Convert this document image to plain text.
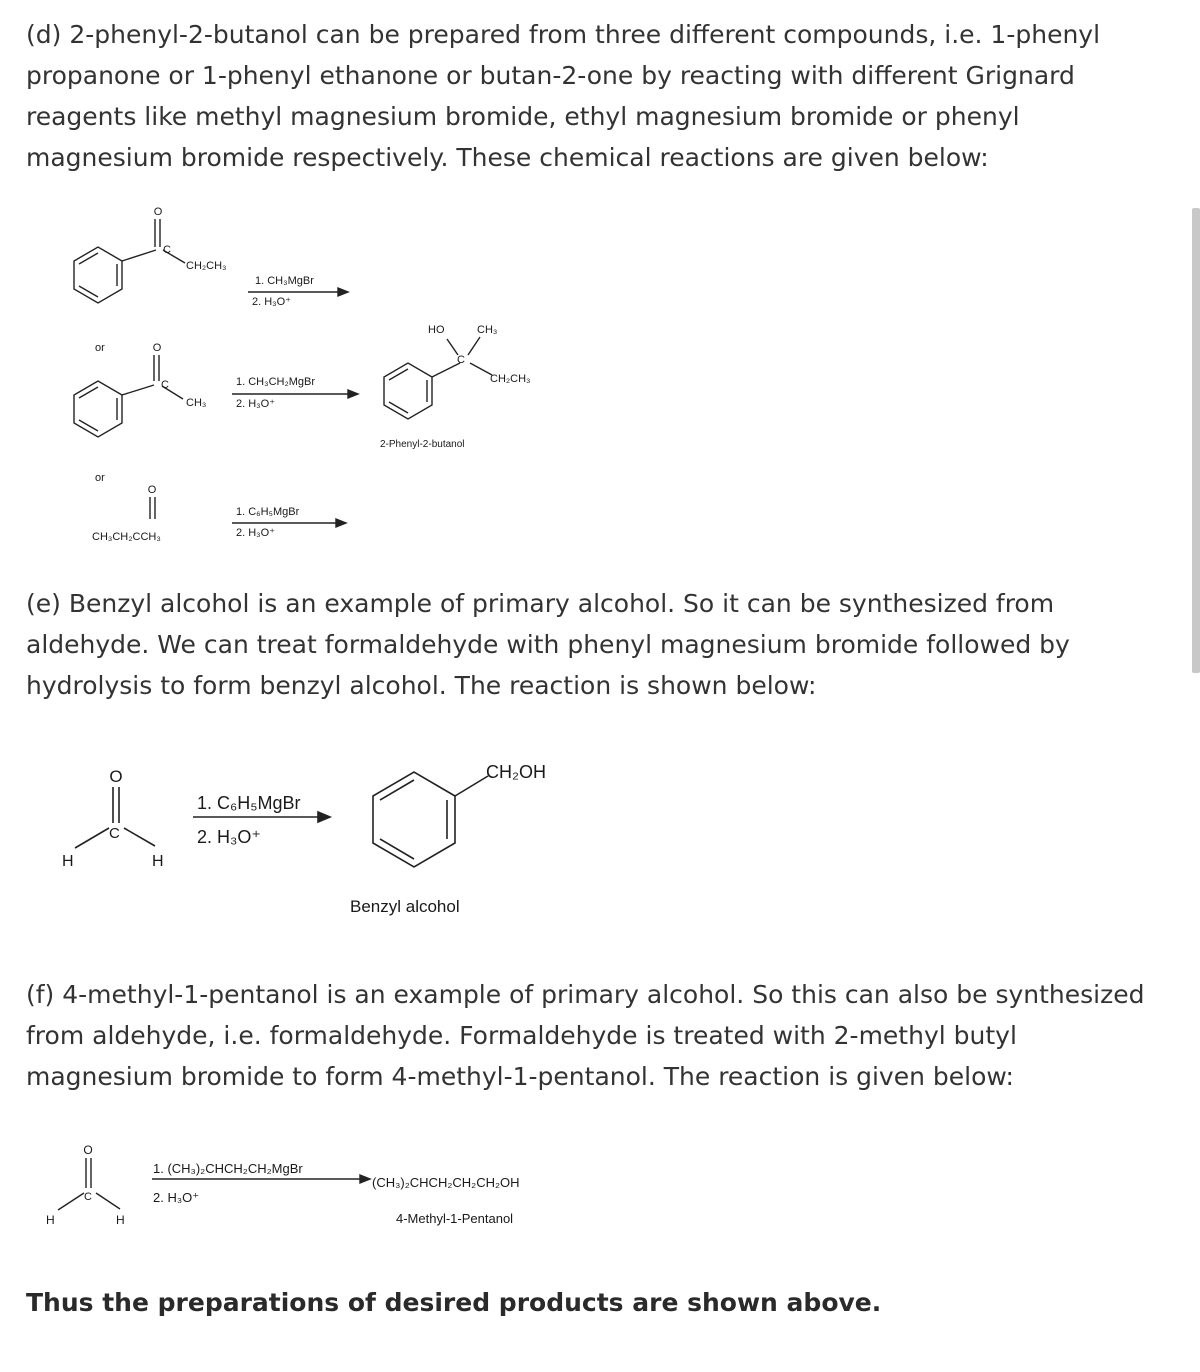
(d) 2-phenyl-2-butanol can be prepared from three different compounds, i.e. 1-phenyl
propanone or 1-phenyl ethanone or butan-2-one by reacting with different Grignard
reagents like methyl magnesium bromide, ethyl magnesium bromide or phenyl
magnesium bromide respectively. These chemical reactions are given below:
O
C
CH₂CH₃
1. CH₃MgBr
2. H₃O⁺
or	O
C
CH₃
1. CH₃CH₂MgBr
2. H₃O⁺
or
O
CH₃CH₂CCH₃
1. C₆H₅MgBr
2. H₃O⁺
HO	CH₃
C
CH₂CH₃
2-Phenyl-2-butanol
(e) Benzyl alcohol is an example of primary alcohol. So it can be synthesized from
aldehyde. We can treat formaldehyde with phenyl magnesium bromide followed by
hydrolysis to form benzyl alcohol. The reaction is shown below:
O
C
H	H
1. C₆H₅MgBr
2. H₃O⁺
CH₂OH
Benzyl alcohol
(f) 4-methyl-1-pentanol is an example of primary alcohol. So this can also be synthesized
from aldehyde, i.e. formaldehyde. Formaldehyde is treated with 2-methyl butyl
magnesium bromide to form 4-methyl-1-pentanol. The reaction is given below:
O
C
H	H
1. (CH₃)₂CHCH₂CH₂MgBr
2. H₃O⁺
(CH₃)₂CHCH₂CH₂CH₂OH
4-Methyl-1-Pentanol
Thus the preparations of desired products are shown above.
